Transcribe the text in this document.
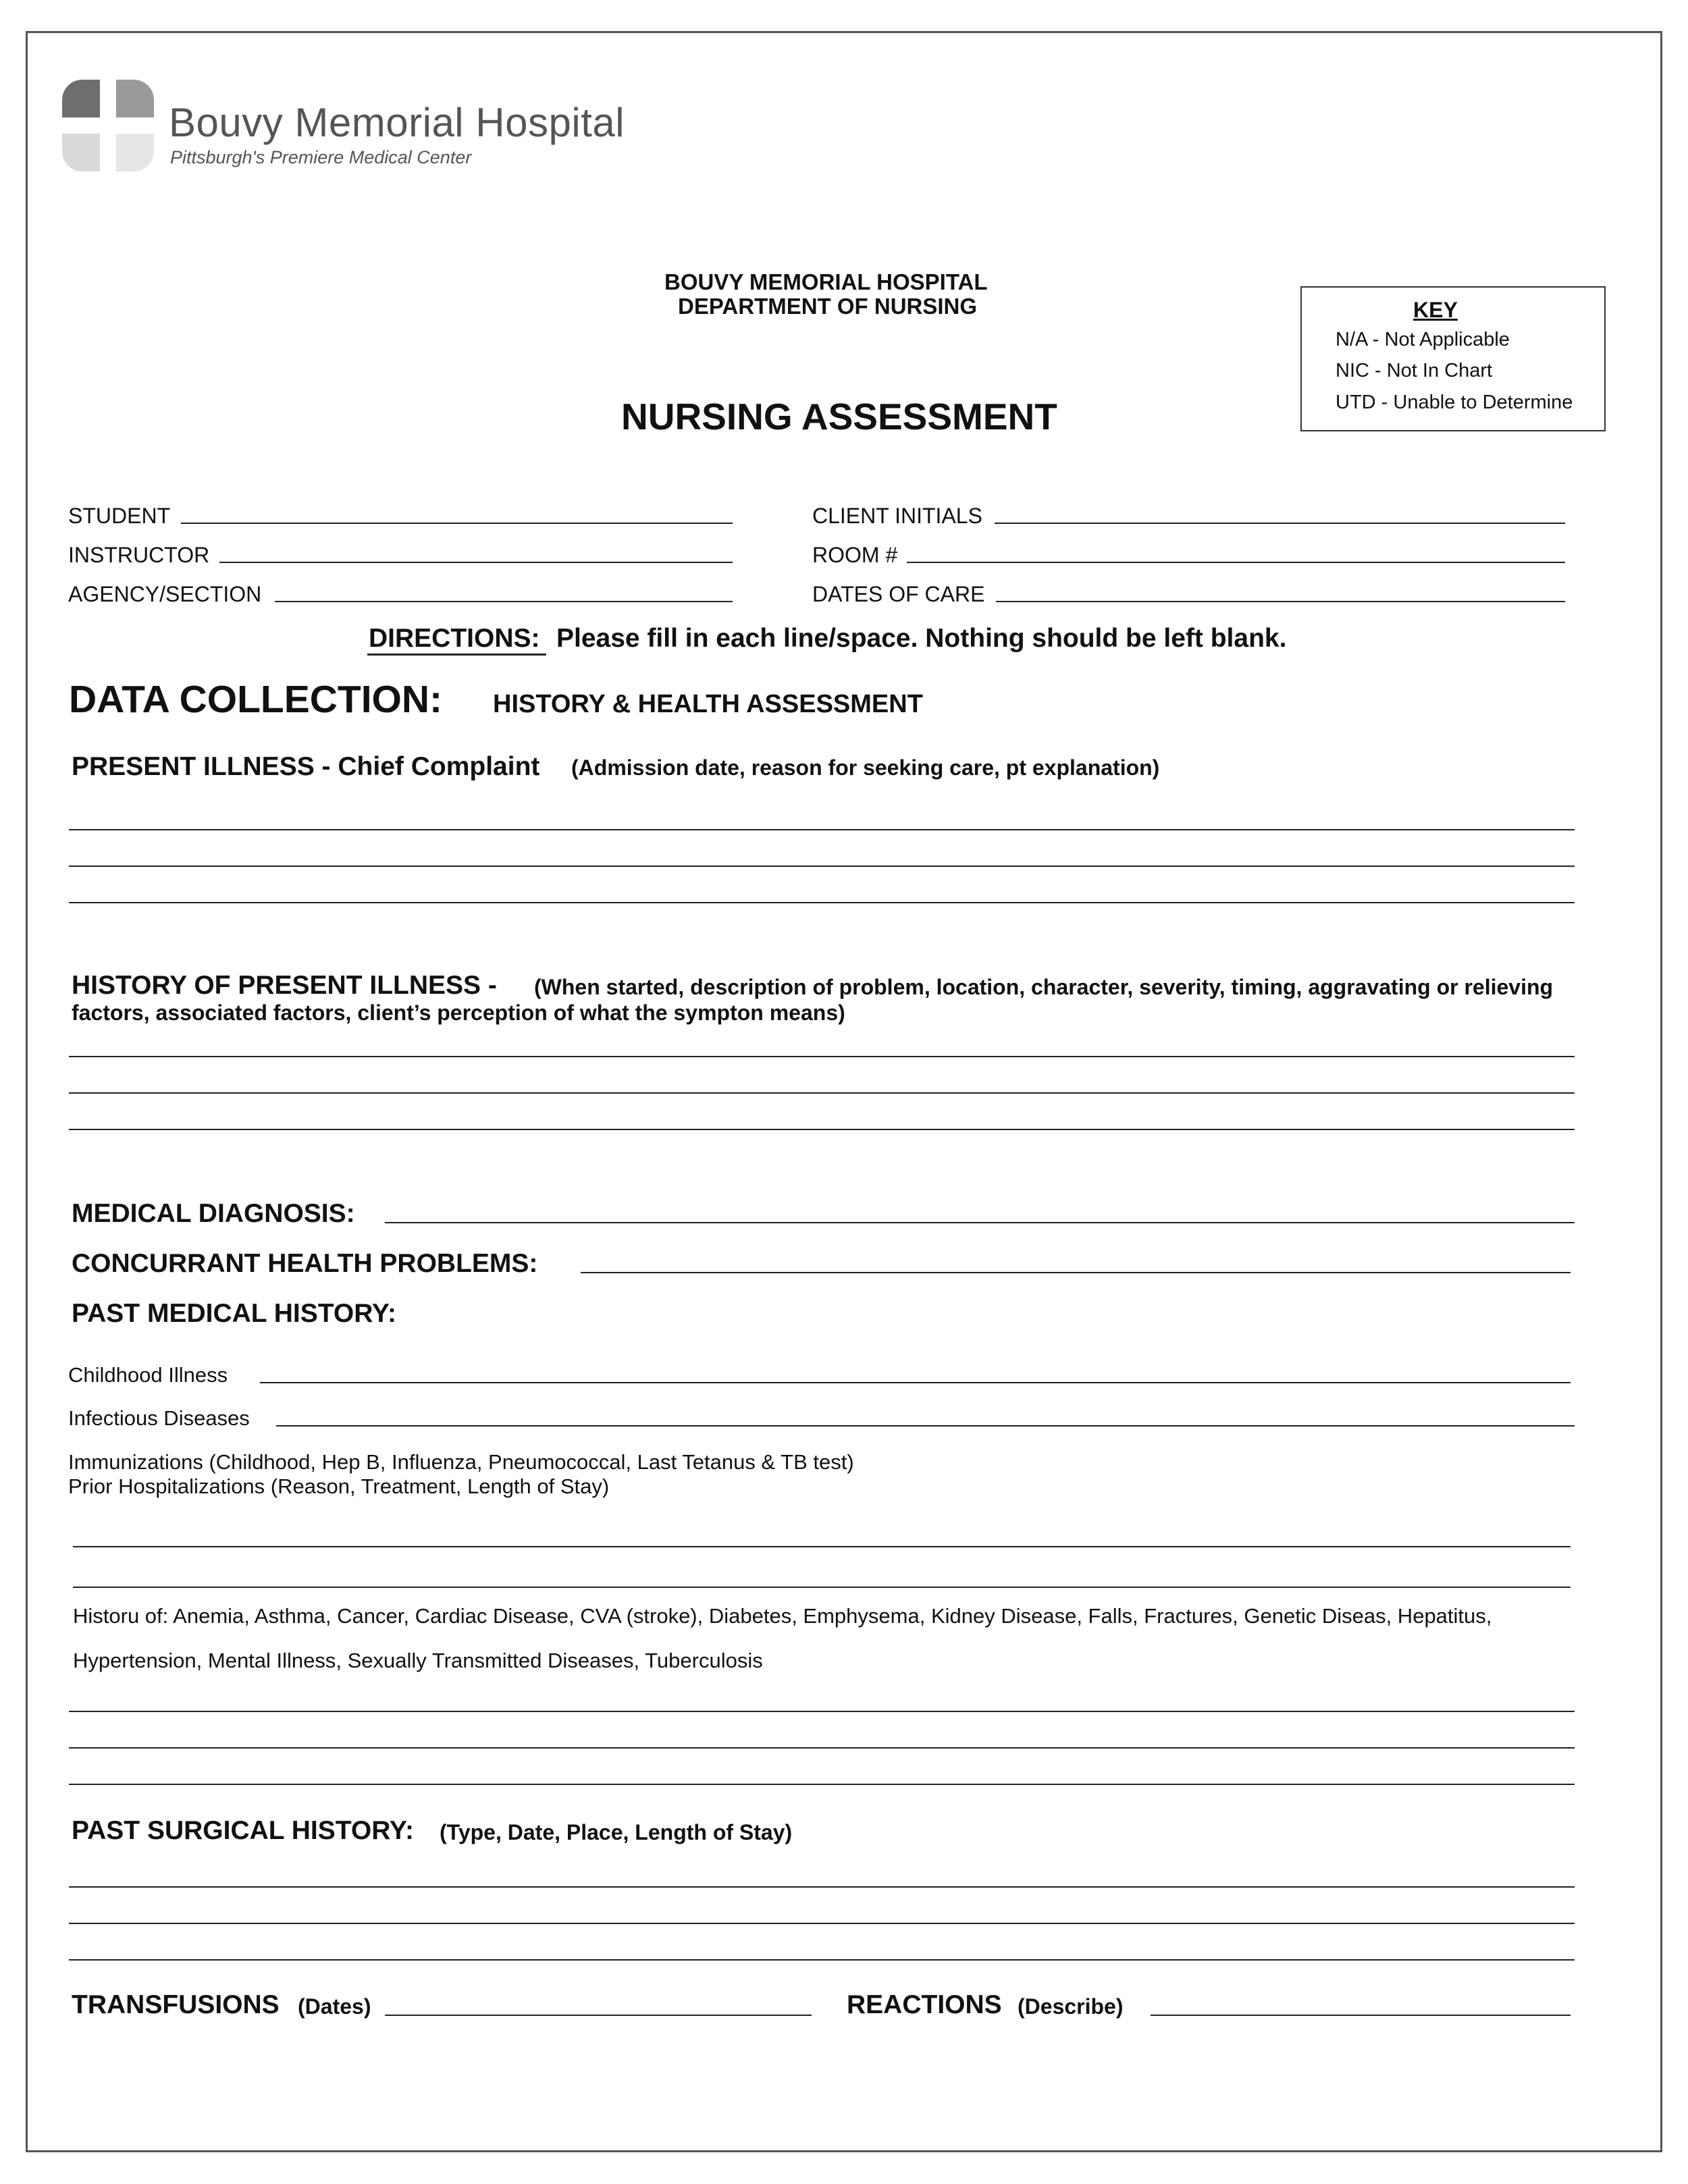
Bouvy Memorial Hospital
Pittsburgh's Premiere Medical Center
BOUVY MEMORIAL HOSPITAL
DEPARTMENT OF NURSING
NURSING ASSESSMENT
KEY
N/A - Not Applicable
NIC - Not In Chart
UTD - Unable to Determine
STUDENT
INSTRUCTOR
AGENCY/SECTION
CLIENT INITIALS
ROOM #
DATES OF CARE
DIRECTIONS: Please fill in each line/space. Nothing should be left blank.
DATA COLLECTION: HISTORY & HEALTH ASSESSMENT
PRESENT ILLNESS - Chief Complaint (Admission date, reason for seeking care, pt explanation)
HISTORY OF PRESENT ILLNESS - (When started, description of problem, location, character, severity, timing, aggravating or relieving
factors, associated factors, client’s perception of what the sympton means)
MEDICAL DIAGNOSIS:
CONCURRANT HEALTH PROBLEMS:
PAST MEDICAL HISTORY:
Childhood Illness
Infectious Diseases
Immunizations (Childhood, Hep B, Influenza, Pneumococcal, Last Tetanus & TB test)
Prior Hospitalizations (Reason, Treatment, Length of Stay)
Historu of: Anemia, Asthma, Cancer, Cardiac Disease, CVA (stroke), Diabetes, Emphysema, Kidney Disease, Falls, Fractures, Genetic Diseas, Hepatitus,
Hypertension, Mental Illness, Sexually Transmitted Diseases, Tuberculosis
PAST SURGICAL HISTORY: (Type, Date, Place, Length of Stay)
TRANSFUSIONS (Dates)	REACTIONS (Describe)
